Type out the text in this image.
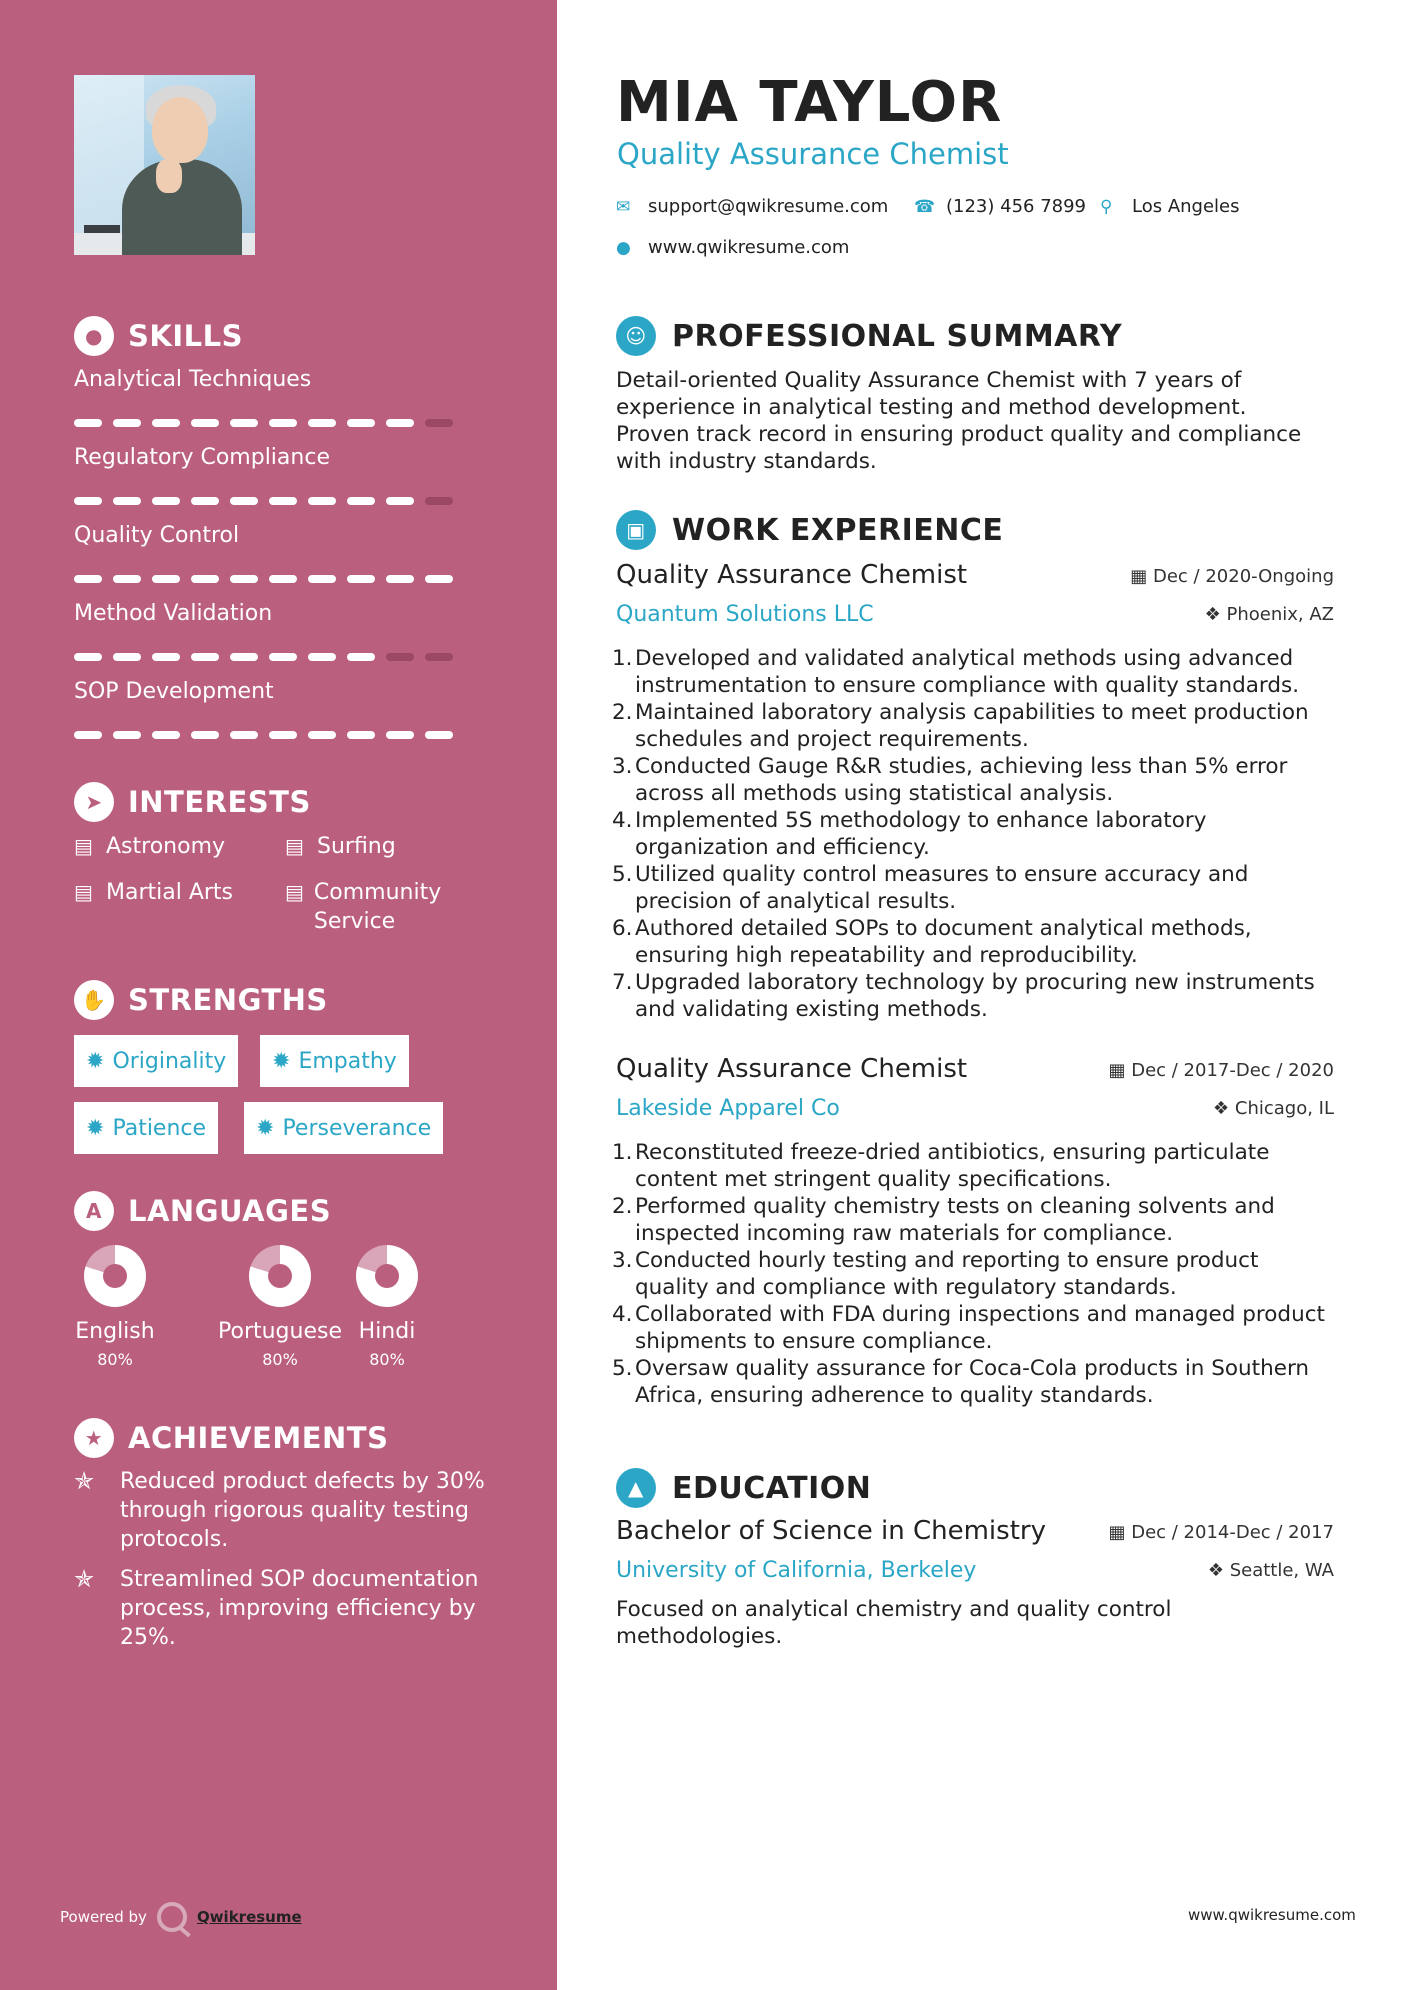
● SKILLS
Analytical Techniques
Regulatory Compliance
Quality Control
Method Validation
SOP Development
➤ INTERESTS
▤ Astronomy	▤ Surfing
▤ Martial Arts	▤ Community Service
✋ STRENGTHS
✹ Originality ✹ Empathy
✹ Patience ✹ Perseverance
A LANGUAGES
English
80%
Portuguese
80%
Hindi
80%
★ ACHIEVEMENTS
✯	Reduced product defects by 30% through rigorous quality testing protocols.
✯	Streamlined SOP documentation process, improving efficiency by 25%.
Powered by	Qwikresume
MIA TAYLOR
Quality Assurance Chemist
✉ support@qwikresume.com ☎ (123) 456 7899 ⚲	Los Angeles
● www.qwikresume.com
☺ PROFESSIONAL SUMMARY
Detail-oriented Quality Assurance Chemist with 7 years of experience in analytical testing and method development. Proven track record in ensuring product quality and compliance with industry standards.
▣ WORK EXPERIENCE
Quality Assurance Chemist
Quantum Solutions LLC
▦ Dec / 2020-Ongoing
❖ Phoenix, AZ
1. Developed and validated analytical methods using advanced instrumentation to ensure compliance with quality standards.
2. Maintained laboratory analysis capabilities to meet production schedules and project requirements.
3. Conducted Gauge R&R studies, achieving less than 5% error across all methods using statistical analysis.
4. Implemented 5S methodology to enhance laboratory organization and efficiency.
5. Utilized quality control measures to ensure accuracy and precision of analytical results.
6. Authored detailed SOPs to document analytical methods, ensuring high repeatability and reproducibility.
7. Upgraded laboratory technology by procuring new instruments and validating existing methods.
Quality Assurance Chemist
Lakeside Apparel Co
▦ Dec / 2017-Dec / 2020
❖ Chicago, IL
1. Reconstituted freeze-dried antibiotics, ensuring particulate content met stringent quality specifications.
2. Performed quality chemistry tests on cleaning solvents and inspected incoming raw materials for compliance.
3. Conducted hourly testing and reporting to ensure product quality and compliance with regulatory standards.
4. Collaborated with FDA during inspections and managed product shipments to ensure compliance.
5. Oversaw quality assurance for Coca-Cola products in Southern Africa, ensuring adherence to quality standards.
▲ EDUCATION
Bachelor of Science in Chemistry
University of California, Berkeley
▦ Dec / 2014-Dec / 2017
❖ Seattle, WA
Focused on analytical chemistry and quality control methodologies.
www.qwikresume.com
